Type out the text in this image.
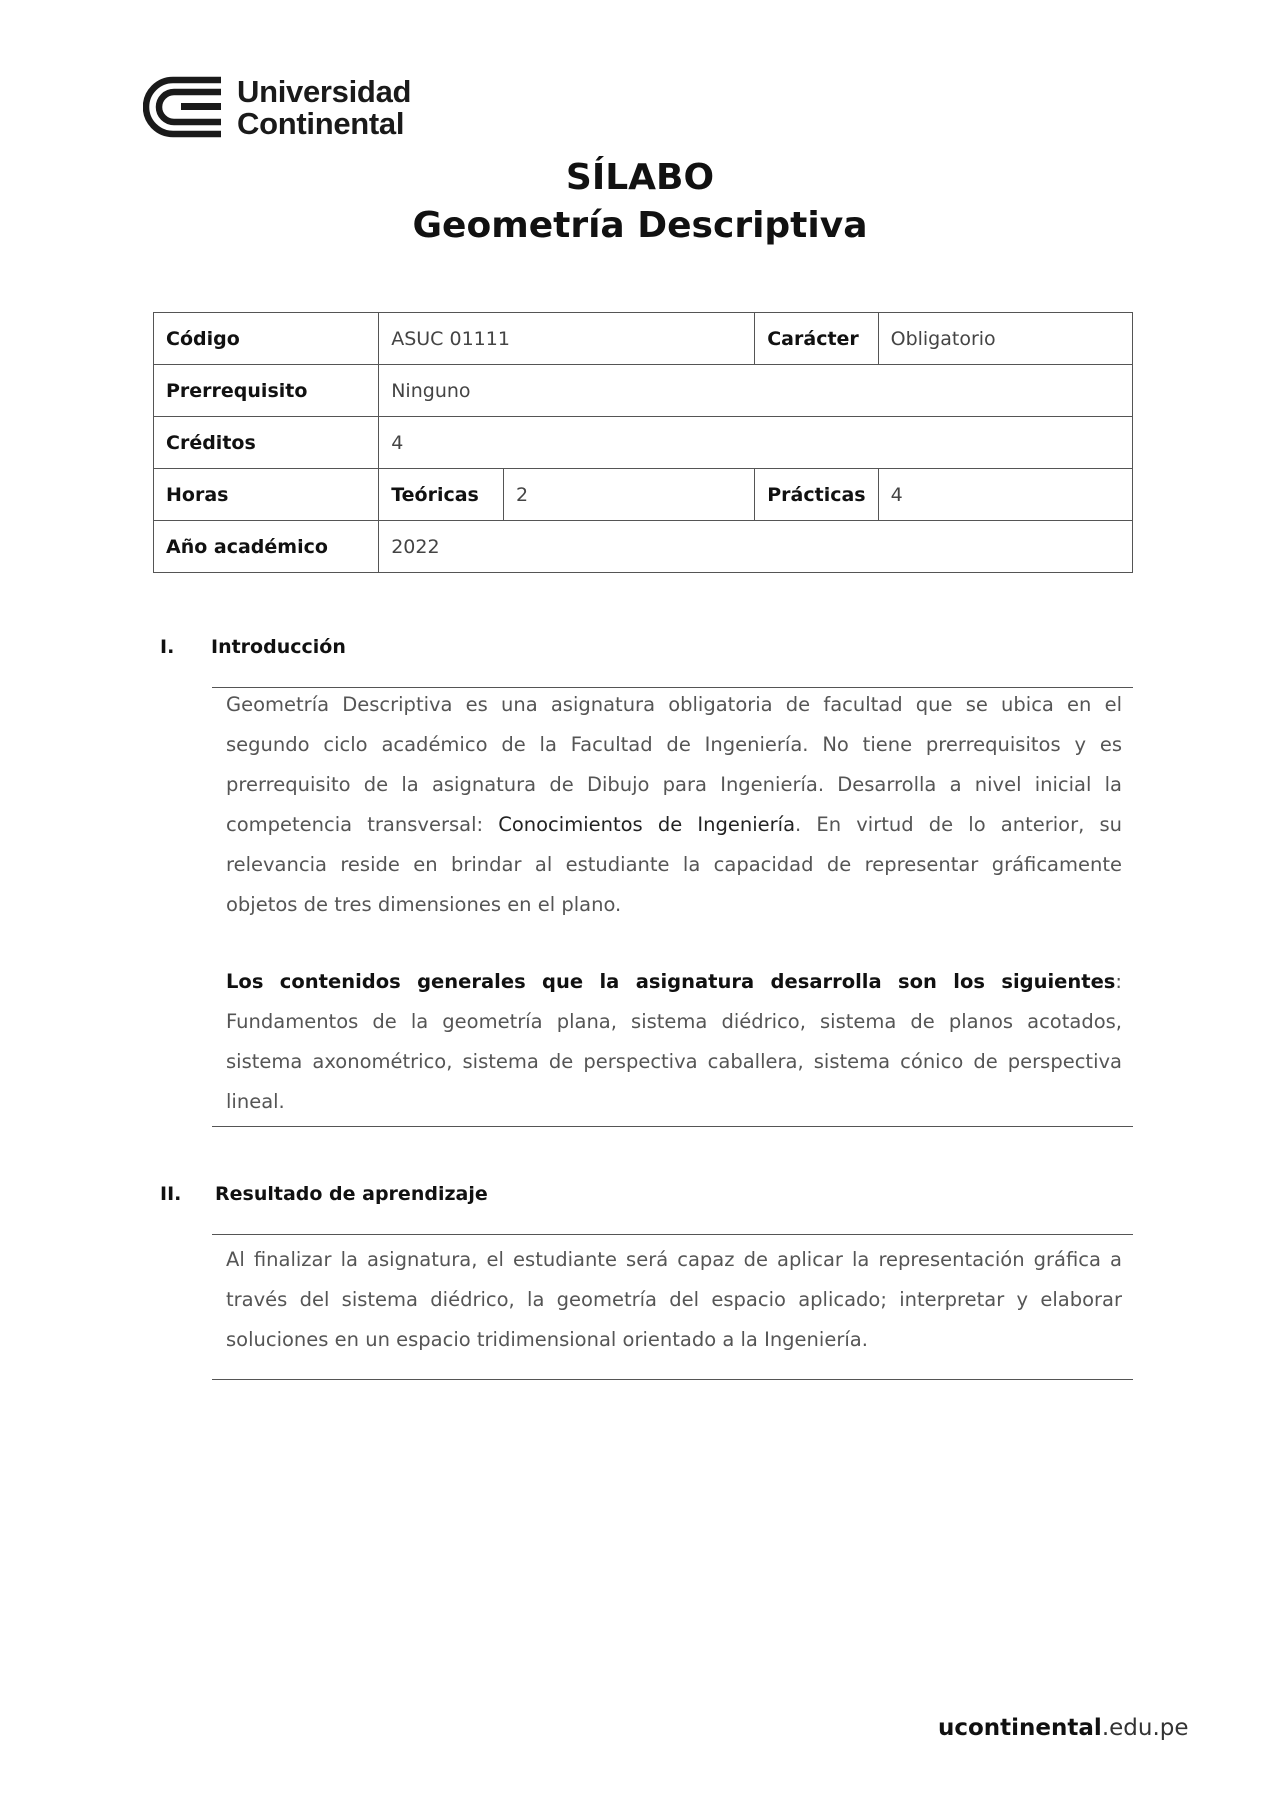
Universidad
Continental
SÍLABO
Geometría Descriptiva
Código	ASUC 01111		Carácter	Obligatorio
Prerrequisito	Ninguno			
Créditos	4			
Horas	Teóricas	2	Prácticas	4
Año académico	2022			
I. Introducción
Geometría Descriptiva es una asignatura obligatoria de facultad que se ubica en el segundo ciclo académico de la Facultad de Ingeniería. No tiene prerrequisitos y es prerrequisito de la asignatura de Dibujo para Ingeniería. Desarrolla a nivel inicial la competencia transversal: Conocimientos de Ingeniería. En virtud de lo anterior, su relevancia reside en brindar al estudiante la capacidad de representar gráficamente objetos de tres dimensiones en el plano.
Los contenidos generales que la asignatura desarrolla son los siguientes: Fundamentos de la geometría plana, sistema diédrico, sistema de planos acotados, sistema axonométrico, sistema de perspectiva caballera, sistema cónico de perspectiva lineal.
II. Resultado de aprendizaje
Al finalizar la asignatura, el estudiante será capaz de aplicar la representación gráfica a través del sistema diédrico, la geometría del espacio aplicado; interpretar y elaborar soluciones en un espacio tridimensional orientado a la Ingeniería.
ucontinental.edu.pe
